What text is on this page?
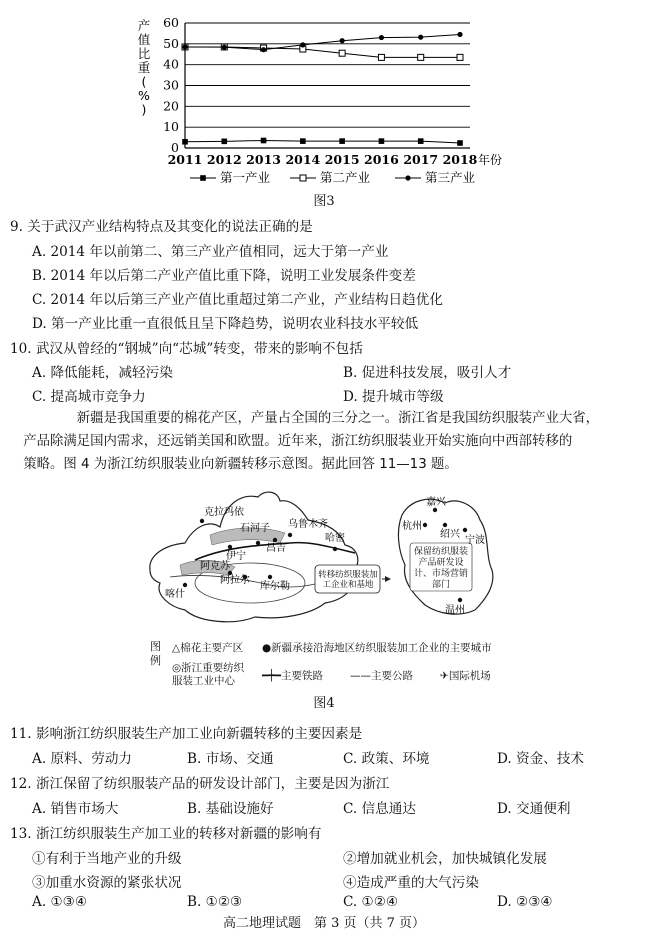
0
10
20
30
40
50
60
产
值
比
重
(
%
)
2011 2012 2013 2014 2015 2016 2017 2018 年份
第一产业	第二产业	第三产业
图3
9. 关于武汉产业结构特点及其变化的说法正确的是
A. 2014 年以前第二、第三产业产值相同，远大于第一产业
B. 2014 年以后第二产业产值比重下降，说明工业发展条件变差
C. 2014 年以后第三产业产值比重超过第二产业，产业结构日趋优化
D. 第一产业比重一直很低且呈下降趋势，说明农业科技水平较低
10. 武汉从曾经的“钢城”向“芯城”转变，带来的影响不包括
A. 降低能耗，减轻污染	B. 促进科技发展，吸引人才
C. 提高城市竞争力	D. 提升城市等级
新疆是我国重要的棉花产区，产量占全国的三分之一。浙江省是我国纺织服装产业大省，
产品除满足国内需求，还远销美国和欧盟。近年来，浙江纺织服装业开始实施向中西部转移的
策略。图 4 为浙江纺织服装业向新疆转移示意图。据此回答 11—13 题。
克拉玛依
伊宁
石河子 乌鲁木齐
昌吉
阿克苏
阿拉尔
喀什
库尔勒
哈密
嘉兴
杭州
绍兴
宁波
温州
转移纺织服装加工企业和基地
保留纺织服装产品研发设计、市场营销部门
图例
△棉花主要产区 ●新疆承接沿海地区纺织服装加工企业的主要城市
◎浙江重要纺织服装工业中心	━┿━主要铁路	——主要公路	✈国际机场
图4
11. 影响浙江纺织服装生产加工业向新疆转移的主要因素是
A. 原料、劳动力	B. 市场、交通	C. 政策、环境	D. 资金、技术
12. 浙江保留了纺织服装产品的研发设计部门，主要是因为浙江
A. 销售市场大	B. 基础设施好	C. 信息通达	D. 交通便利
13. 浙江纺织服装生产加工业的转移对新疆的影响有
①有利于当地产业的升级	②增加就业机会，加快城镇化发展
③加重水资源的紧张状况	④造成严重的大气污染
A. ①③④	B. ①②③	C. ①②④	D. ②③④
高二地理试题　第 3 页（共 7 页）
